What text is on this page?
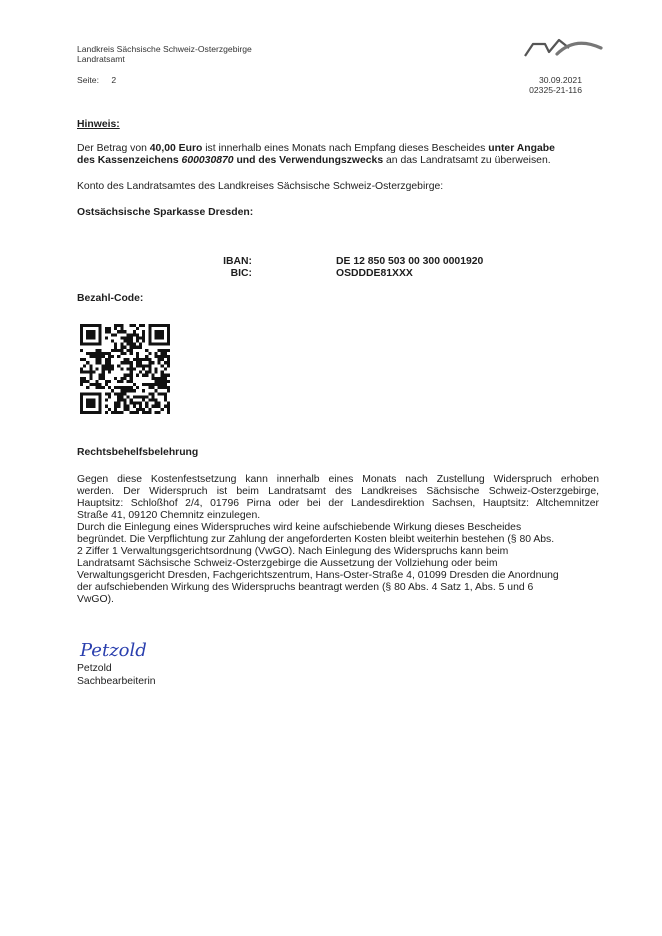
Landkreis Sächsische Schweiz-Osterzgebirge
Landratsamt
Seite: 2	30.09.2021
02325-21-116
Hinweis:
Der Betrag von 40,00 Euro ist innerhalb eines Monats nach Empfang dieses Bescheides unter Angabe
des Kassenzeichens 600030870 und des Verwendungszwecks an das Landratsamt zu überweisen.
Konto des Landratsamtes des Landkreises Sächsische Schweiz-Osterzgebirge:
Ostsächsische Sparkasse Dresden:
IBAN:	DE 12 850 503 00 300 0001920
BIC:	OSDDDE81XXX
Bezahl-Code:
Rechtsbehelfsbelehrung
Gegen diese Kostenfestsetzung kann innerhalb eines Monats nach Zustellung Widerspruch erhoben
werden. Der Widerspruch ist beim Landratsamt des Landkreises Sächsische Schweiz-Osterzgebirge,
Hauptsitz: Schloßhof 2/4, 01796 Pirna oder bei der Landesdirektion Sachsen, Hauptsitz: Altchemnitzer
Straße 41, 09120 Chemnitz einzulegen.
Durch die Einlegung eines Widerspruches wird keine aufschiebende Wirkung dieses Bescheides
begründet. Die Verpflichtung zur Zahlung der angeforderten Kosten bleibt weiterhin bestehen (§ 80 Abs.
2 Ziffer 1 Verwaltungsgerichtsordnung (VwGO). Nach Einlegung des Widerspruchs kann beim
Landratsamt Sächsische Schweiz-Osterzgebirge die Aussetzung der Vollziehung oder beim
Verwaltungsgericht Dresden, Fachgerichtszentrum, Hans-Oster-Straße 4, 01099 Dresden die Anordnung
der aufschiebenden Wirkung des Widerspruchs beantragt werden (§ 80 Abs. 4 Satz 1, Abs. 5 und 6
VwGO).
Petzold
Petzold
Sachbearbeiterin
